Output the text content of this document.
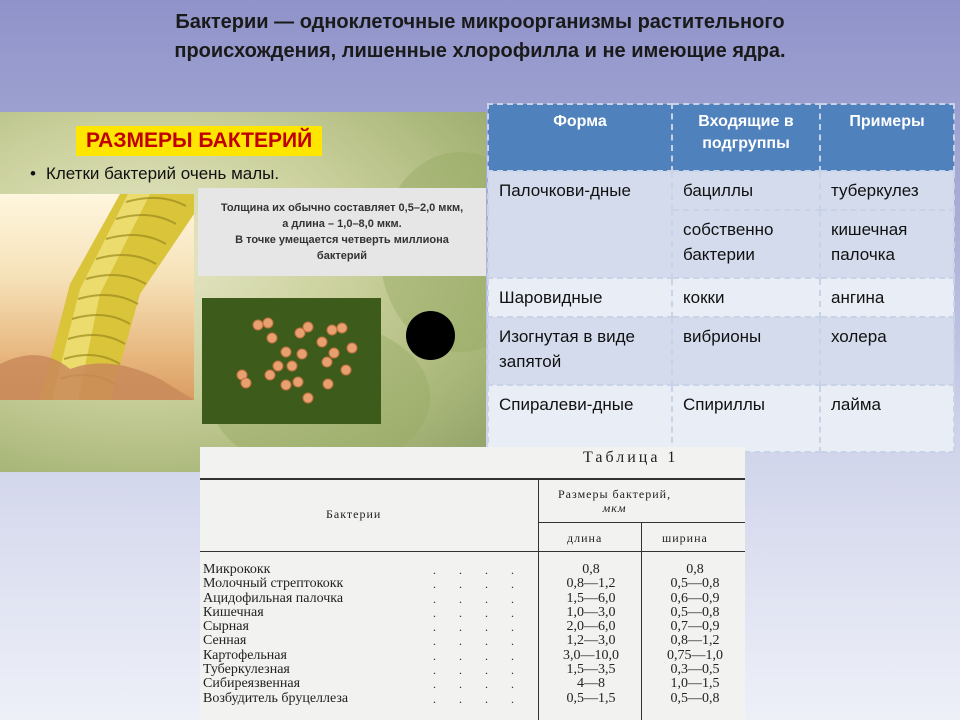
Бактерии — одноклеточные микроорганизмы растительного
происхождения, лишенные хлорофилла и не имеющие ядра.
РАЗМЕРЫ БАКТЕРИЙ
• Клетки бактерий очень малы.
Толщина их обычно составляет 0,5–2,0 мкм,
а длина – 1,0–8,0 мкм.
В точке умещается четверть миллиона
бактерий
Форма	Входящие в подгруппы	Примеры
Палочкови-дные	бациллы	туберкулез
	собственно бактерии	кишечная палочка
Шаровидные	кокки	ангина
Изогнутая в виде запятой	вибрионы	холера
Спиралеви-дные	Спириллы	лайма
Таблица 1
Бактерии
Размеры бактерий,
мкм
длина	ширина
Микрококк	. . . .	0,8	0,8
Молочный стрептококк	. . . .	0,8—1,2	0,5—0,8
Ацидофильная палочка	. . . .	1,5—6,0	0,6—0,9
Кишечная	. . . .	1,0—3,0	0,5—0,8
Сырная	. . . .	2,0—6,0	0,7—0,9
Сенная	. . . .	1,2—3,0	0,8—1,2
Картофельная	. . . .	3,0—10,0	0,75—1,0
Туберкулезная	. . . .	1,5—3,5	0,3—0,5
Сибиреязвенная	. . . .	4—8	1,0—1,5
Возбудитель бруцеллеза	. . . .	0,5—1,5	0,5—0,8
